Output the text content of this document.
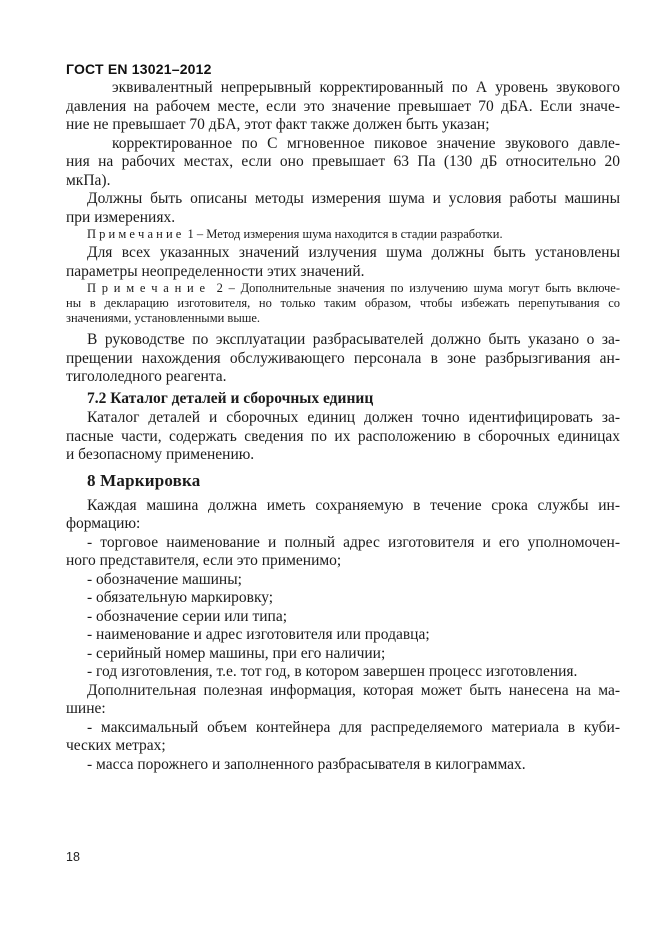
ГОСТ EN 13021–2012
эквивалентный непрерывный корректированный по А уровень звукового
давления на рабочем месте, если это значение превышает 70 дБА. Если значе-
ние не превышает 70 дБА, этот факт также должен быть указан;
корректированное по С мгновенное пиковое значение звукового давле-
ния на рабочих местах, если оно превышает 63 Па (130 дБ относительно 20
мкПа).
Должны быть описаны методы измерения шума и условия работы машины
при измерениях.
П р и м е ч а н и е  1 – Метод измерения шума находится в стадии разработки.
Для всех указанных значений излучения шума должны быть установлены
параметры неопределенности этих значений.
П р и м е ч а н и е  2 – Дополнительные значения по излучению шума могут быть включе-
ны в декларацию изготовителя, но только таким образом, чтобы избежать перепутывания со
значениями, установленными выше.
В руководстве по эксплуатации разбрасывателей должно быть указано о за-
прещении нахождения обслуживающего персонала в зоне разбрызгивания ан-
тигололедного реагента.
7.2 Каталог деталей и сборочных единиц
Каталог деталей и сборочных единиц должен точно идентифицировать за-
пасные части, содержать сведения по их расположению в сборочных единицах
и безопасному применению.
8 Маркировка
Каждая машина должна иметь сохраняемую в течение срока службы ин-
формацию:
- торговое наименование и полный адрес изготовителя и его уполномочен-
ного представителя, если это применимо;
- обозначение машины;
- обязательную маркировку;
- обозначение серии или типа;
- наименование и адрес изготовителя или продавца;
- серийный номер машины, при его наличии;
- год изготовления, т.е. тот год, в котором завершен процесс изготовления.
Дополнительная полезная информация, которая может быть нанесена на ма-
шине:
- максимальный объем контейнера для распределяемого материала в куби-
ческих метрах;
- масса порожнего и заполненного разбрасывателя в килограммах.
18
